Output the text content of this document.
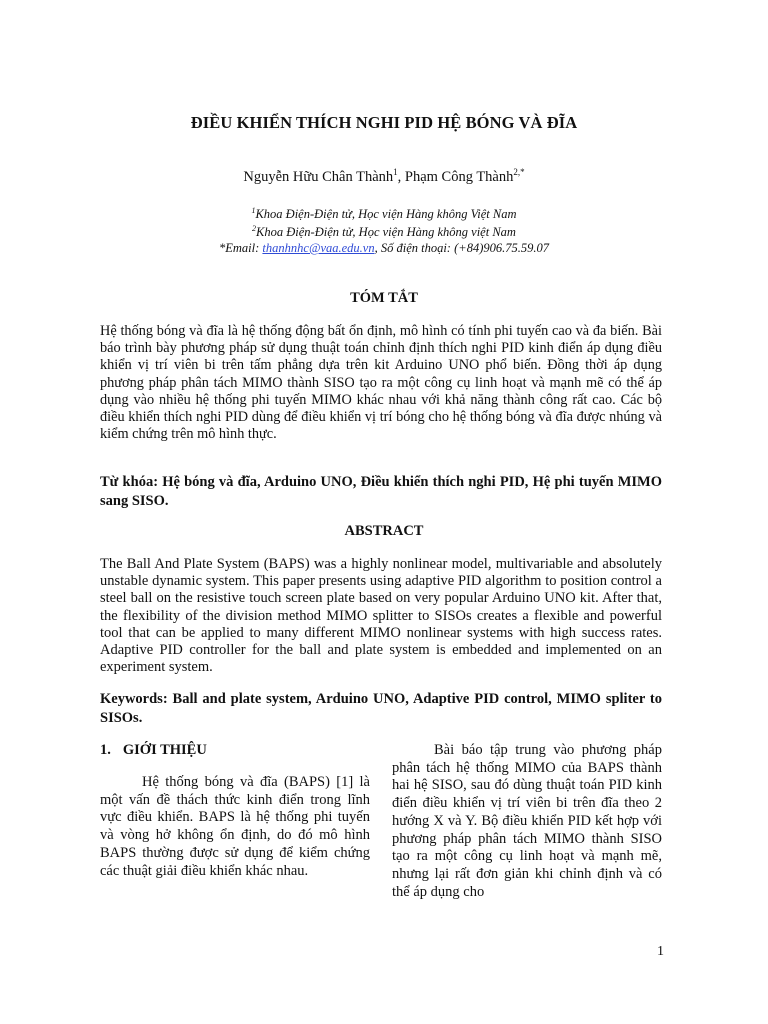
ĐIỀU KHIỂN THÍCH NGHI PID HỆ BÓNG VÀ ĐĨA
Nguyễn Hữu Chân Thành$^1$, Phạm Công Thành$^{2,*}$
$^1$Khoa Điện-Điện tử, Học viện Hàng không Việt Nam
$^2$Khoa Điện-Điện tử, Học viện Hàng không việt Nam
*Email: thanhnhc@vaa.edu.vn, Số điện thoại: (+84)906.75.59.07
TÓM TẮT
Hệ thống bóng và đĩa là hệ thống động bất ổn định, mô hình có tính phi tuyến cao và đa biến. Bài báo trình bày phương pháp sử dụng thuật toán chỉnh định thích nghi PID kinh điển áp dụng điều khiển vị trí viên bi trên tấm phẳng dựa trên kit Arduino UNO phổ biến. Đồng thời áp dụng phương pháp phân tách MIMO thành SISO tạo ra một công cụ linh hoạt và mạnh mẽ có thể áp dụng vào nhiều hệ thống phi tuyến MIMO khác nhau với khả năng thành công rất cao. Các bộ điều khiển thích nghi PID dùng để điều khiển vị trí bóng cho hệ thống bóng và đĩa được nhúng và kiểm chứng trên mô hình thực.
Từ khóa: Hệ bóng và đĩa, Arduino UNO, Điều khiển thích nghi PID, Hệ phi tuyến MIMO sang SISO.
ABSTRACT
The Ball And Plate System (BAPS) was a highly nonlinear model, multivariable and absolutely unstable dynamic system. This paper presents using adaptive PID algorithm to position control a steel ball on the resistive touch screen plate based on very popular Arduino UNO kit. After that, the flexibility of the division method MIMO splitter to SISOs creates a flexible and powerful tool that can be applied to many different MIMO nonlinear systems with high success rates. Adaptive PID controller for the ball and plate system is embedded and implemented on an experiment system.
Keywords: Ball and plate system, Arduino UNO, Adaptive PID control, MIMO spliter to SISOs.
1. GIỚI THIỆU
Hệ thống bóng và đĩa (BAPS) [1] là một vấn đề thách thức kinh điển trong lĩnh vực điều khiển. BAPS là hệ thống phi tuyến và vòng hở không ổn định, do đó mô hình BAPS thường được sử dụng để kiểm chứng các thuật giải điều khiển khác nhau.
Bài báo tập trung vào phương pháp phân tách hệ thống MIMO của BAPS thành hai hệ SISO, sau đó dùng thuật toán PID kinh điển điều khiển vị trí viên bi trên đĩa theo 2 hướng X và Y. Bộ điều khiển PID kết hợp với phương pháp phân tách MIMO thành SISO tạo ra một công cụ linh hoạt và mạnh mẽ, nhưng lại rất đơn giản khi chỉnh định và có thể áp dụng cho
1
